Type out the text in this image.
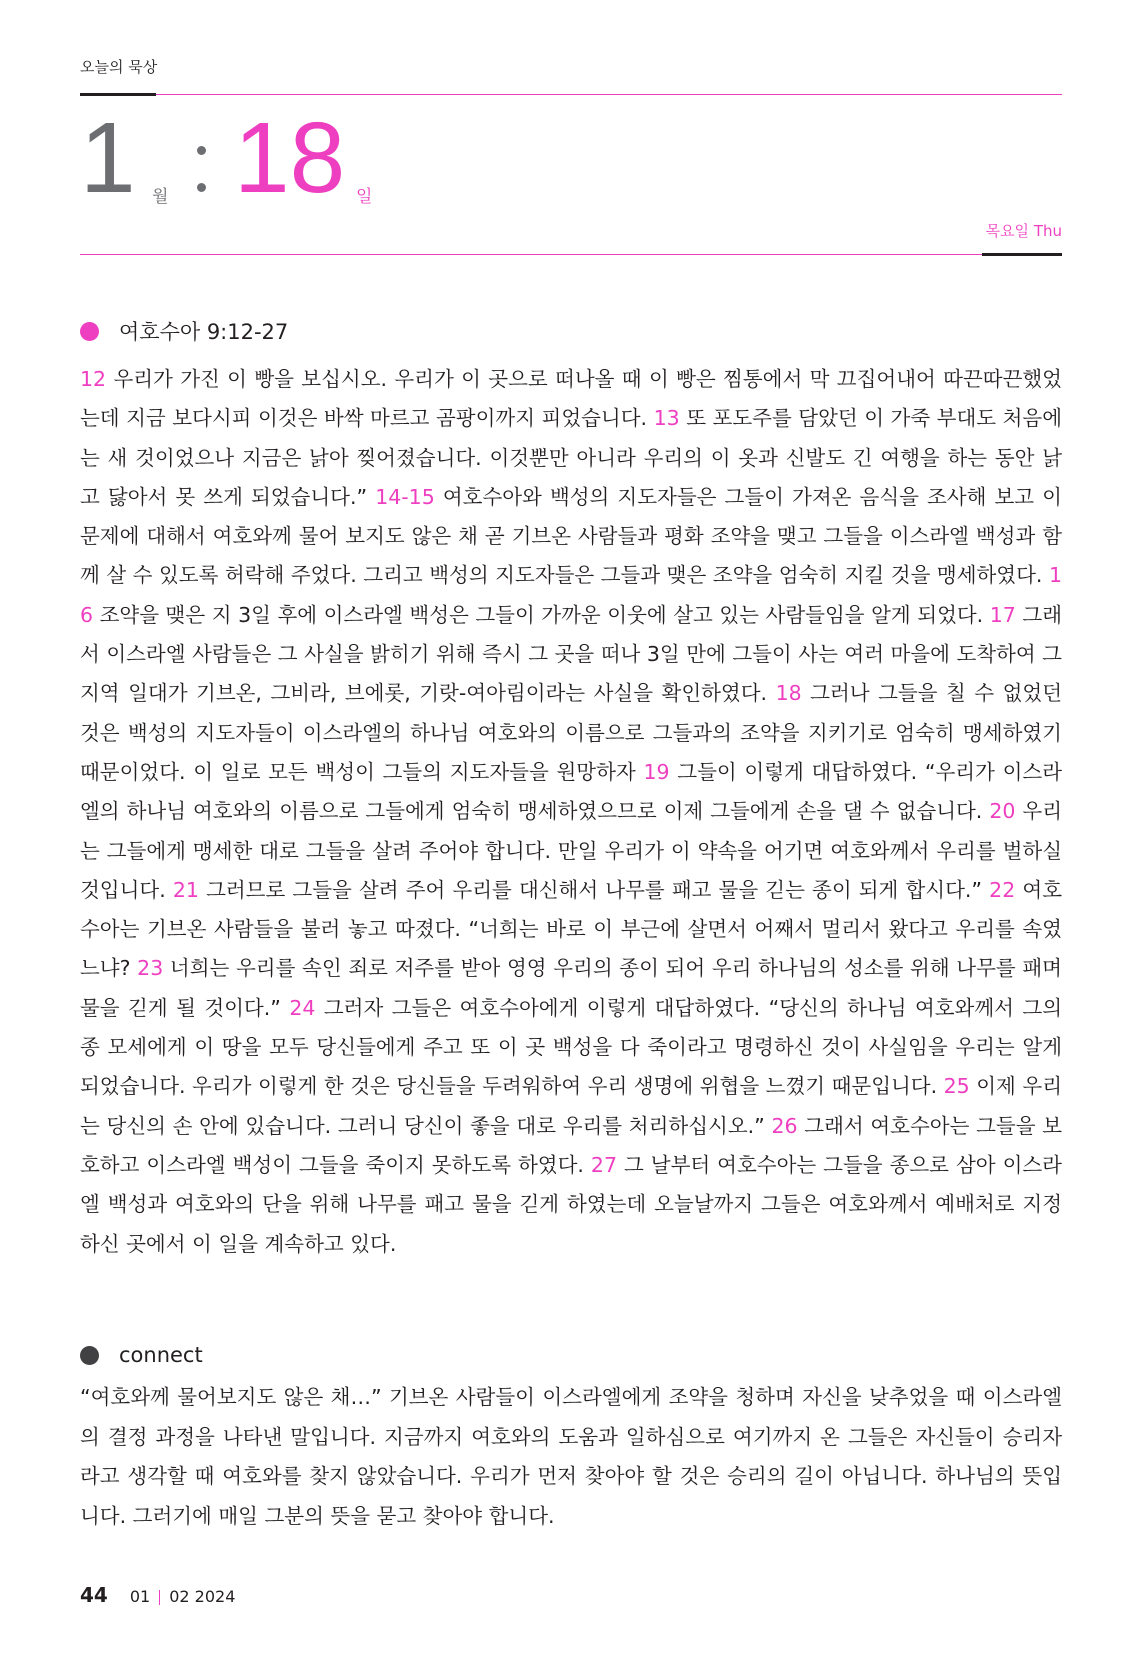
오늘의 묵상
1 월 18 일
목요일 Thu
여호수아 9:12-27
12 우리가 가진 이 빵을 보십시오. 우리가 이 곳으로 떠나올 때 이 빵은 찜통에서 막 끄집어내어 따끈따끈했었는데 지금 보다시피 이것은 바싹 마르고 곰팡이까지 피었습니다. 13 또 포도주를 담았던 이 가죽 부대도 처음에는 새 것이었으나 지금은 낡아 찢어졌습니다. 이것뿐만 아니라 우리의 이 옷과 신발도 긴 여행을 하는 동안 낡고 닳아서 못 쓰게 되었습니다.” 14-15 여호수아와 백성의 지도자들은 그들이 가져온 음식을 조사해 보고 이 문제에 대해서 여호와께 물어 보지도 않은 채 곧 기브온 사람들과 평화 조약을 맺고 그들을 이스라엘 백성과 함께 살 수 있도록 허락해 주었다. 그리고 백성의 지도자들은 그들과 맺은 조약을 엄숙히 지킬 것을 맹세하였다. 16 조약을 맺은 지 3일 후에 이스라엘 백성은 그들이 가까운 이웃에 살고 있는 사람들임을 알게 되었다. 17 그래서 이스라엘 사람들은 그 사실을 밝히기 위해 즉시 그 곳을 떠나 3일 만에 그들이 사는 여러 마을에 도착하여 그 지역 일대가 기브온, 그비라, 브에롯, 기랏-여아림이라는 사실을 확인하였다. 18 그러나 그들을 칠 수 없었던 것은 백성의 지도자들이 이스라엘의 하나님 여호와의 이름으로 그들과의 조약을 지키기로 엄숙히 맹세하였기 때문이었다. 이 일로 모든 백성이 그들의 지도자들을 원망하자 19 그들이 이렇게 대답하였다. “우리가 이스라엘의 하나님 여호와의 이름으로 그들에게 엄숙히 맹세하였으므로 이제 그들에게 손을 댈 수 없습니다. 20 우리는 그들에게 맹세한 대로 그들을 살려 주어야 합니다. 만일 우리가 이 약속을 어기면 여호와께서 우리를 벌하실 것입니다. 21 그러므로 그들을 살려 주어 우리를 대신해서 나무를 패고 물을 긷는 종이 되게 합시다.” 22 여호수아는 기브온 사람들을 불러 놓고 따졌다. “너희는 바로 이 부근에 살면서 어째서 멀리서 왔다고 우리를 속였느냐? 23 너희는 우리를 속인 죄로 저주를 받아 영영 우리의 종이 되어 우리 하나님의 성소를 위해 나무를 패며 물을 긷게 될 것이다.” 24 그러자 그들은 여호수아에게 이렇게 대답하였다. “당신의 하나님 여호와께서 그의 종 모세에게 이 땅을 모두 당신들에게 주고 또 이 곳 백성을 다 죽이라고 명령하신 것이 사실임을 우리는 알게 되었습니다. 우리가 이렇게 한 것은 당신들을 두려워하여 우리 생명에 위협을 느꼈기 때문입니다. 25 이제 우리는 당신의 손 안에 있습니다. 그러니 당신이 좋을 대로 우리를 처리하십시오.” 26 그래서 여호수아는 그들을 보호하고 이스라엘 백성이 그들을 죽이지 못하도록 하였다. 27 그 날부터 여호수아는 그들을 종으로 삼아 이스라엘 백성과 여호와의 단을 위해 나무를 패고 물을 긷게 하였는데 오늘날까지 그들은 여호와께서 예배처로 지정하신 곳에서 이 일을 계속하고 있다.
connect
“여호와께 물어보지도 않은 채…” 기브온 사람들이 이스라엘에게 조약을 청하며 자신을 낮추었을 때 이스라엘의 결정 과정을 나타낸 말입니다. 지금까지 여호와의 도움과 일하심으로 여기까지 온 그들은 자신들이 승리자라고 생각할 때 여호와를 찾지 않았습니다. 우리가 먼저 찾아야 할 것은 승리의 길이 아닙니다. 하나님의 뜻입니다. 그러기에 매일 그분의 뜻을 묻고 찾아야 합니다.
44 01 02 2024
